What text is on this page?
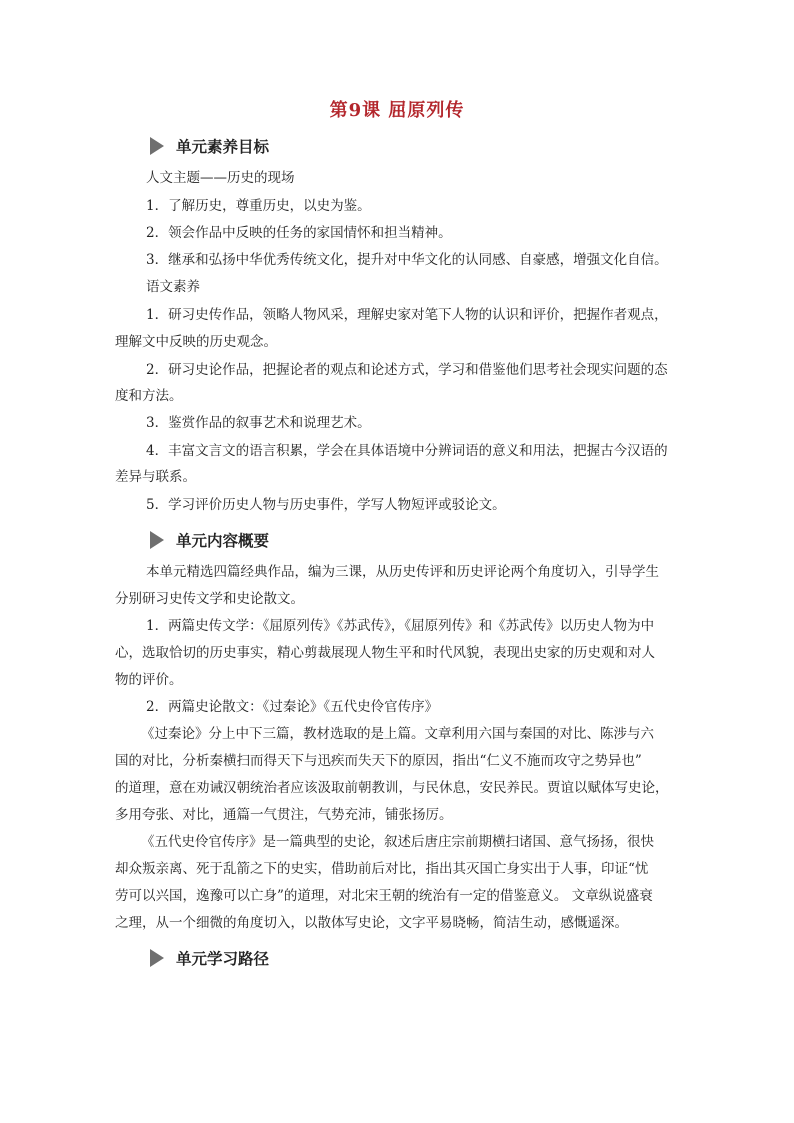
第9课 屈原列传
单元素养目标
人文主题——历史的现场
1．了解历史，尊重历史，以史为鉴。
2．领会作品中反映的任务的家国情怀和担当精神。
3．继承和弘扬中华优秀传统文化，提升对中华文化的认同感、自豪感，增强文化自信。
语文素养
1．研习史传作品，领略人物风采，理解史家对笔下人物的认识和评价，把握作者观点，
理解文中反映的历史观念。
2．研习史论作品，把握论者的观点和论述方式，学习和借鉴他们思考社会现实问题的态
度和方法。
3．鉴赏作品的叙事艺术和说理艺术。
4．丰富文言文的语言积累，学会在具体语境中分辨词语的意义和用法，把握古今汉语的
差异与联系。
5．学习评价历史人物与历史事件，学写人物短评或驳论文。
单元内容概要
本单元精选四篇经典作品，编为三课，从历史传评和历史评论两个角度切入，引导学生
分别研习史传文学和史论散文。
1．两篇史传文学：《屈原列传》《苏武传》，《屈原列传》和《苏武传》以历史人物为中
心，选取恰切的历史事实，精心剪裁展现人物生平和时代风貌，表现出史家的历史观和对人
物的评价。
2．两篇史论散文：《过秦论》《五代史伶官传序》
《过秦论》分上中下三篇，教材选取的是上篇。文章利用六国与秦国的对比、陈涉与六
国的对比，分析秦横扫而得天下与迅疾而失天下的原因，指出“仁义不施而攻守之势异也”
的道理，意在劝诫汉朝统治者应该汲取前朝教训，与民休息，安民养民。贾谊以赋体写史论，
多用夸张、对比，通篇一气贯注，气势充沛，铺张扬厉。
《五代史伶官传序》是一篇典型的史论，叙述后唐庄宗前期横扫诸国、意气扬扬，很快
却众叛亲离、死于乱箭之下的史实，借助前后对比，指出其灭国亡身实出于人事，印证“忧
劳可以兴国，逸豫可以亡身”的道理，对北宋王朝的统治有一定的借鉴意义。 文章纵说盛衰
之理，从一个细微的角度切入，以散体写史论，文字平易晓畅，简洁生动，感慨遥深。
单元学习路径
